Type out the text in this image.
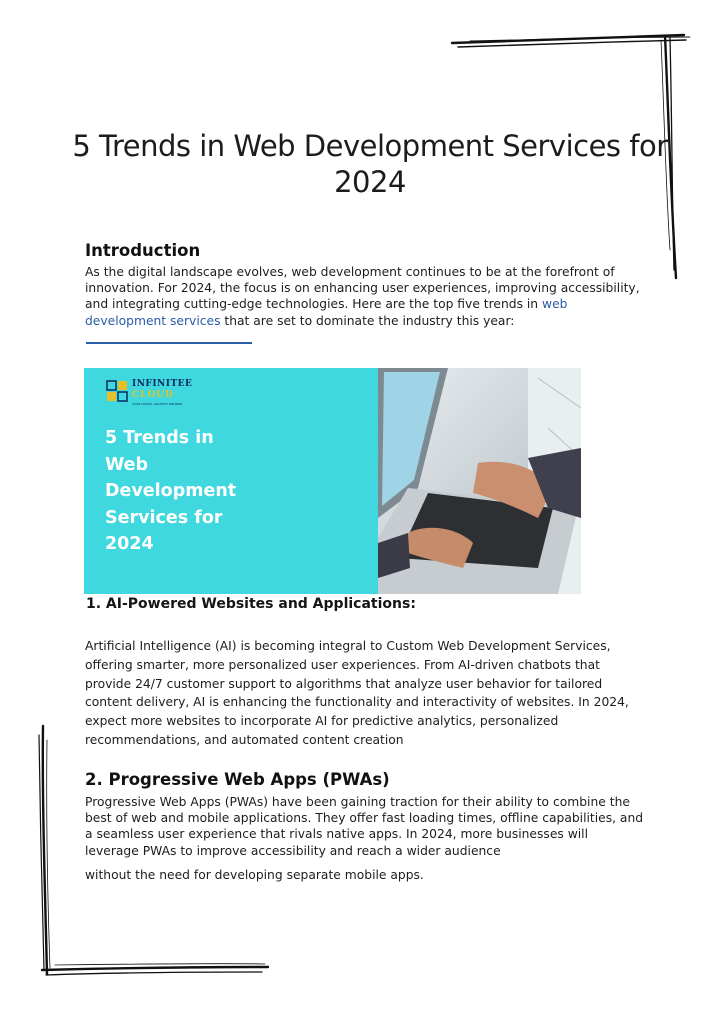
5 Trends in Web Development Services for 2024
Introduction
As the digital landscape evolves, web development continues to be at the forefront of innovation. For 2024, the focus is on enhancing user experiences, improving accessibility, and integrating cutting-edge technologies. Here are the top five trends in web development services that are set to dominate the industry this year:
INFINITEE
CLOUD
YOUR DIGITAL GROWTH PARTNER
5 Trends in
Web
Development
Services for
2024
1. AI-Powered Websites and Applications:
Artificial Intelligence (AI) is becoming integral to Custom Web Development Services, offering smarter, more personalized user experiences. From AI-driven chatbots that provide 24/7 customer support to algorithms that analyze user behavior for tailored content delivery, AI is enhancing the functionality and interactivity of websites. In 2024, expect more websites to incorporate AI for predictive analytics, personalized recommendations, and automated content creation
2. Progressive Web Apps (PWAs)
Progressive Web Apps (PWAs) have been gaining traction for their ability to combine the best of web and mobile applications. They offer fast loading times, offline capabilities, and a seamless user experience that rivals native apps. In 2024, more businesses will leverage PWAs to improve accessibility and reach a wider audience
without the need for developing separate mobile apps.
